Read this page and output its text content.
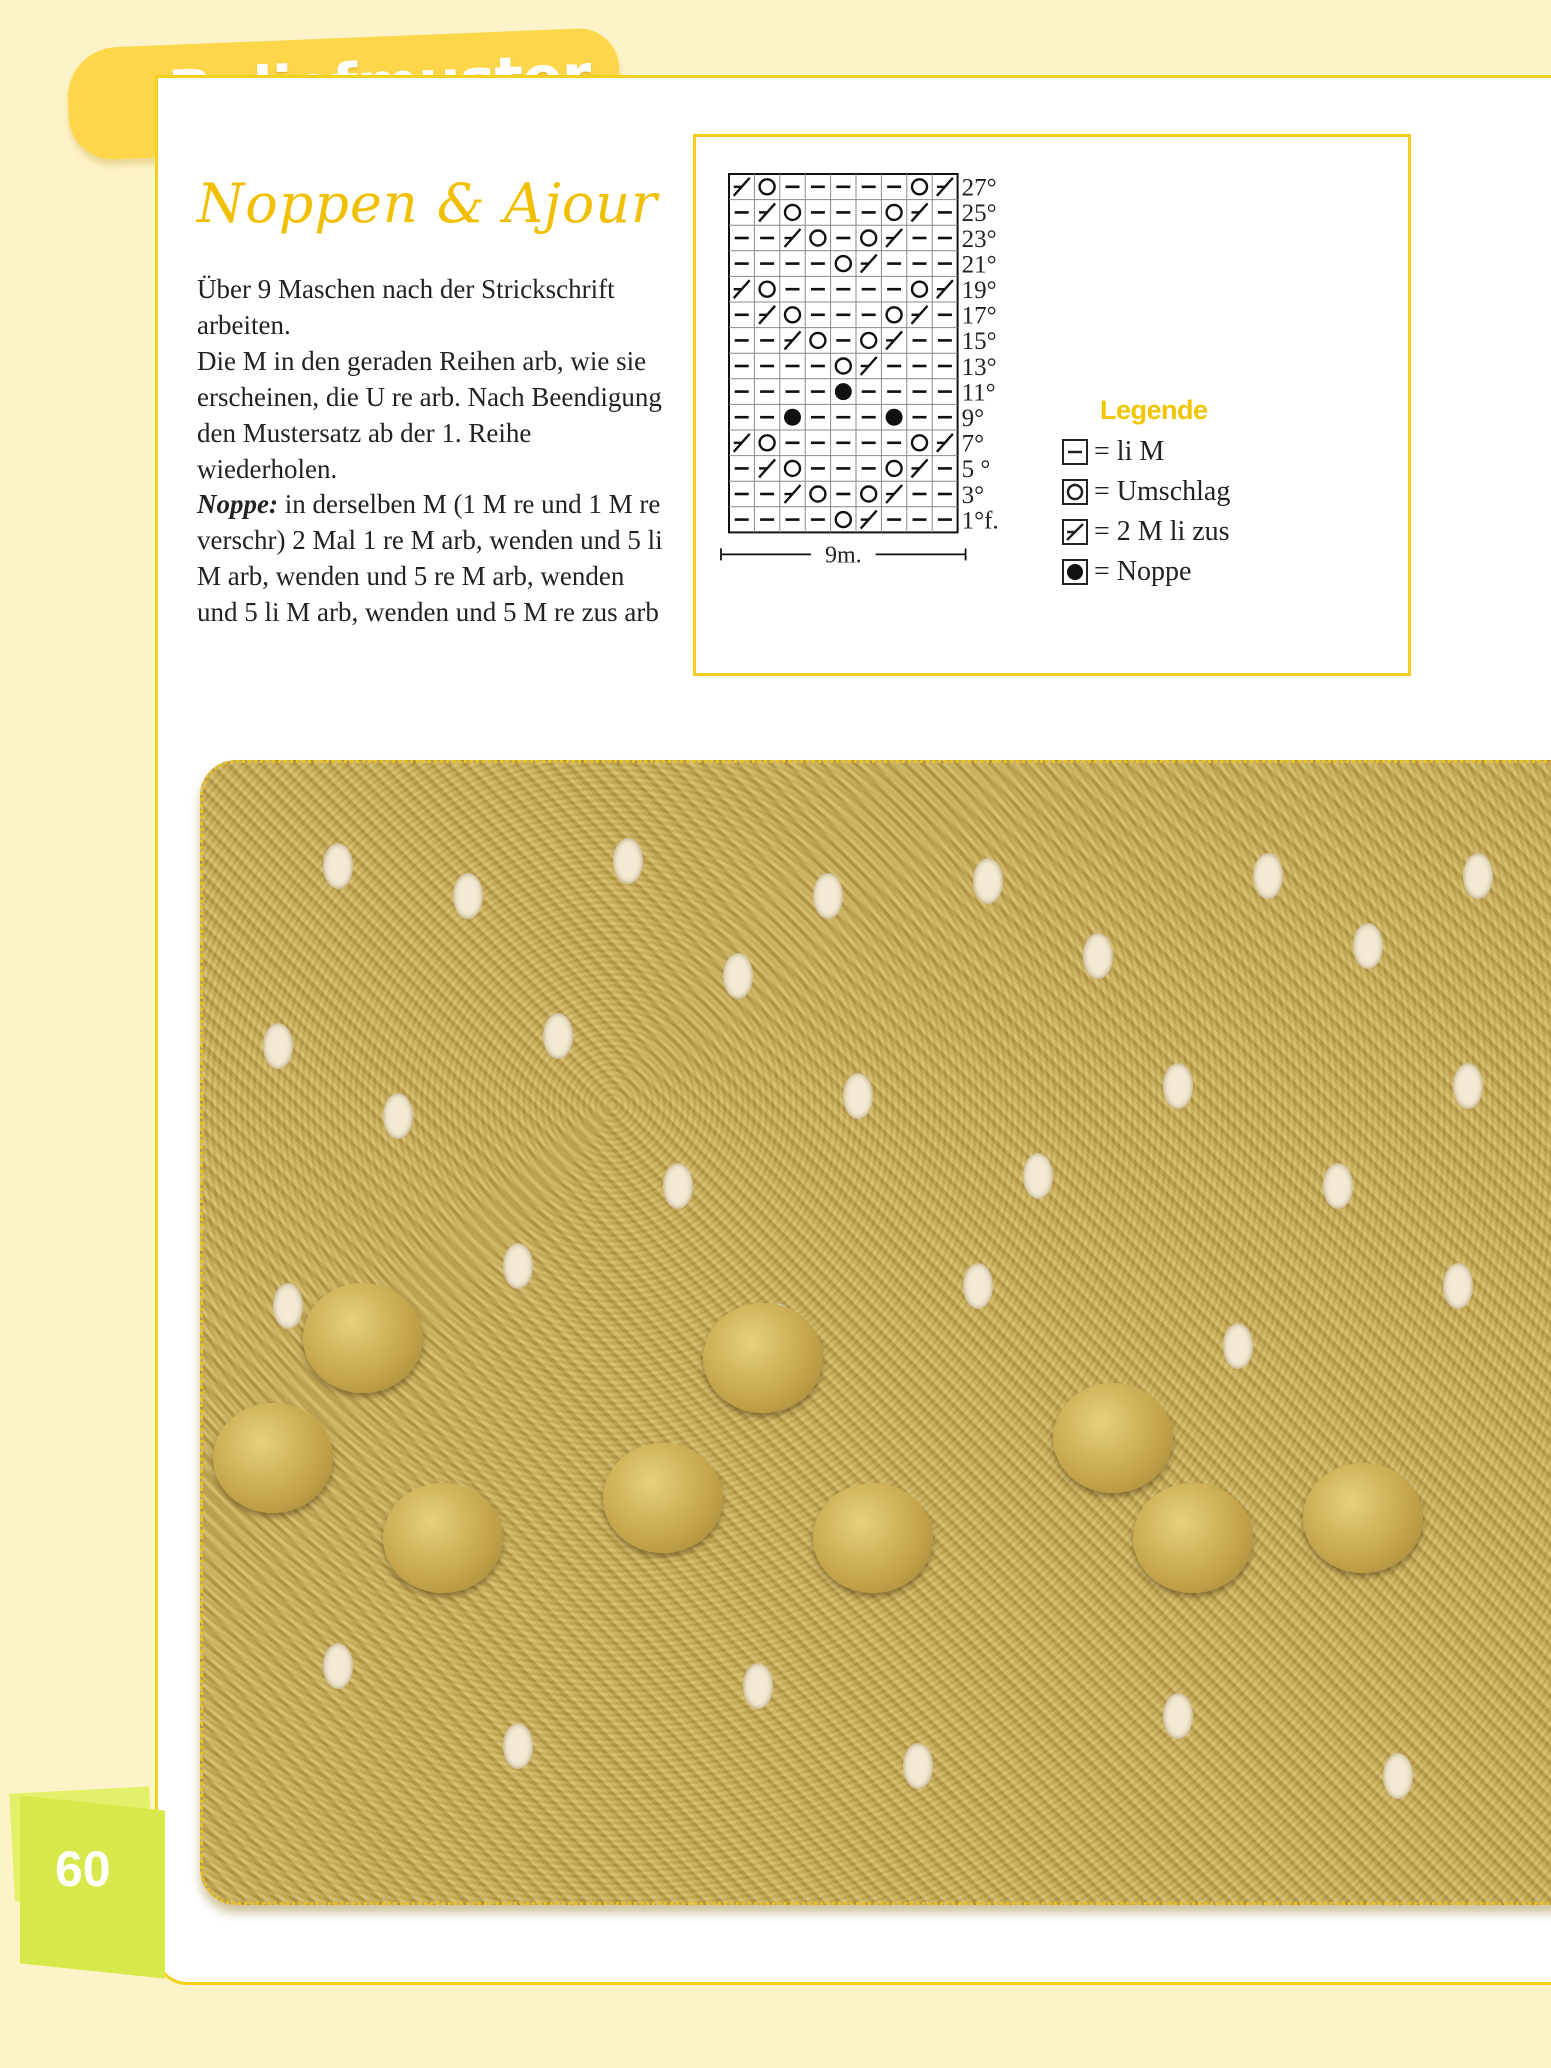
Noppen & Ajour

Über 9 Maschen nach der Strickschrift arbeiten.

Die M in den geraden Reihen arb, wie sie erscheinen, die U re arb. Nach Beendigung den Mustersatz ab der 1. Reihe wiederholen.

Noppe: in derselben M (1 M re und 1 M re verschr) 2 Mal 1 re M arb, wenden und 5 li M arb, wenden und 5 re M arb, wenden und 5 li M arb, wenden und 5 M re zus arb

27°
25°
23°
21°
19°
17°
15°
13°
11°
9°
7°
5 °
3°
1°f.
9m.
Legende
= li M
= Umschlag
= 2 M li zus
= Noppe
60
